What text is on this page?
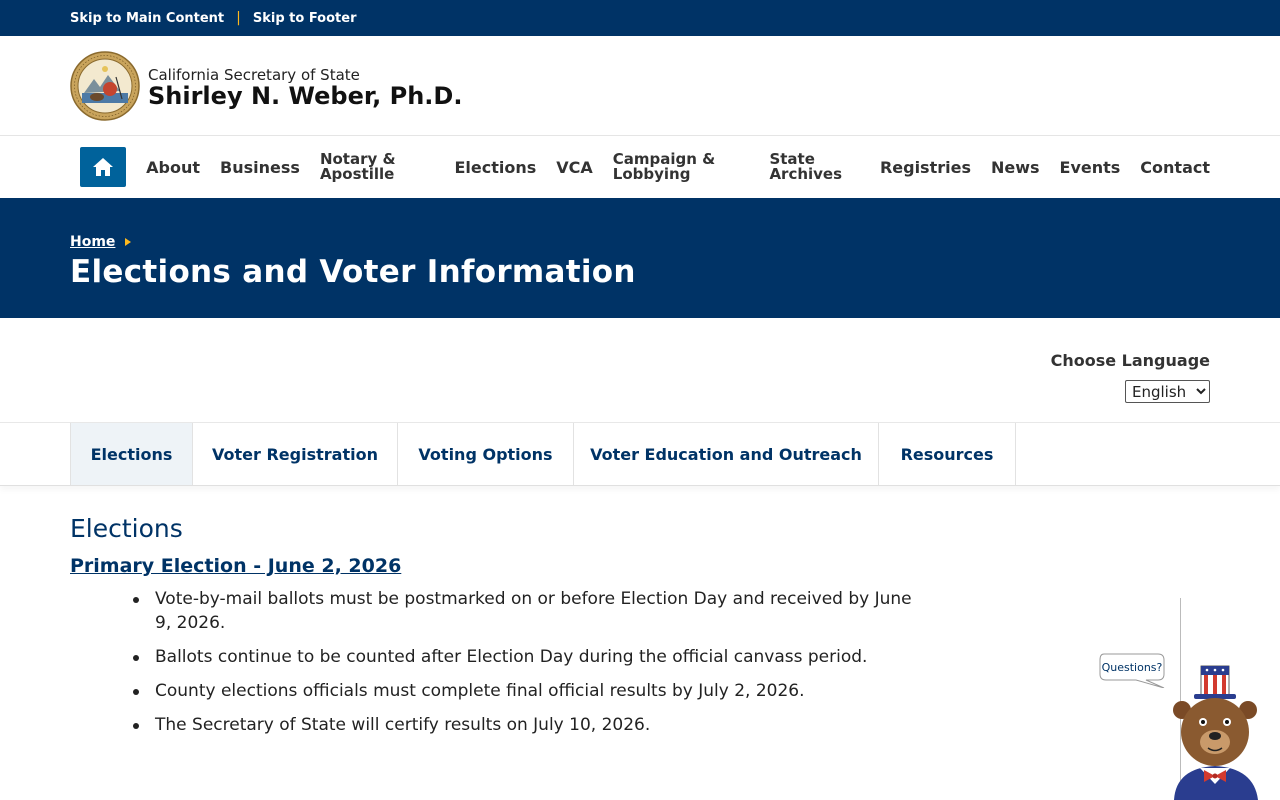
Skip to Main Content | Skip to Footer
California Secretary of State
Shirley N. Weber, Ph.D.
About Business Notary & Apostille	Elections VCA Campaign & Lobbying
State Archives	Registries News Events Contact
Home
Elections and Voter Information
Choose Language
English
Elections	Voter Registration	Voting Options	Voter Education and Outreach	Resources
Elections
Primary Election - June 2, 2026
Vote-by-mail ballots must be postmarked on or before Election Day and received by June 9, 2026.
Ballots continue to be counted after Election Day during the official canvass period.
County elections officials must complete final official results by July 2, 2026.
The Secretary of State will certify results on July 10, 2026.
Questions?
